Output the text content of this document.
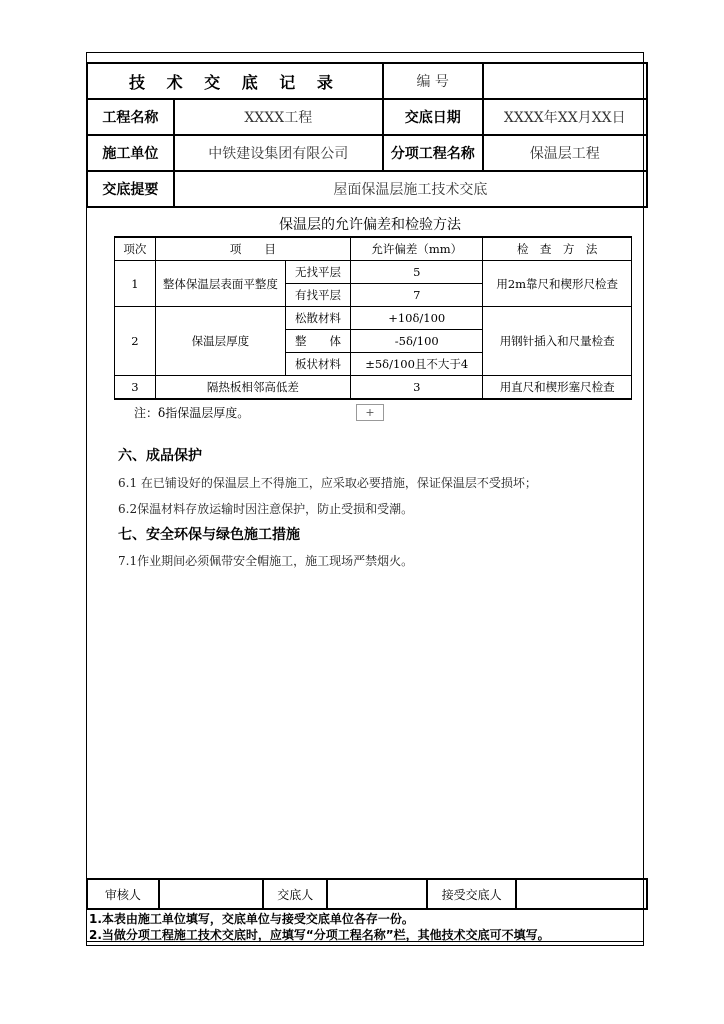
技 术 交 底 记 录		编 号	
工程名称	XXXX工程	交底日期	XXXX年XX月XX日
施工单位	中铁建设集团有限公司	分项工程名称	保温层工程
交底提要	屋面保温层施工技术交底		
保温层的允许偏差和检验方法
项次	项　　目		允许偏差（mm）	检　查　方　法
1	整体保温层表面平整度	无找平层	5	用2m靠尺和楔形尺检查
		有找平层	7	
2	保温层厚度	松散材料	+10δ/100	用钢针插入和尺量检查
		整　　体	-5δ/100	
		板状材料	±5δ/100且不大于4	
3	隔热板相邻高低差		3	用直尺和楔形塞尺检查
注：δ指保温层厚度。	+
六、成品保护
6.1 在已铺设好的保温层上不得施工，应采取必要措施，保证保温层不受损坏；
6.2保温材料存放运输时因注意保护，防止受损和受潮。
七、安全环保与绿色施工措施
7.1作业期间必须佩带安全帽施工，施工现场严禁烟火。
审核人		交底人		接受交底人	
1.本表由施工单位填写，交底单位与接受交底单位各存一份。
2.当做分项工程施工技术交底时，应填写“分项工程名称”栏，其他技术交底可不填写。
